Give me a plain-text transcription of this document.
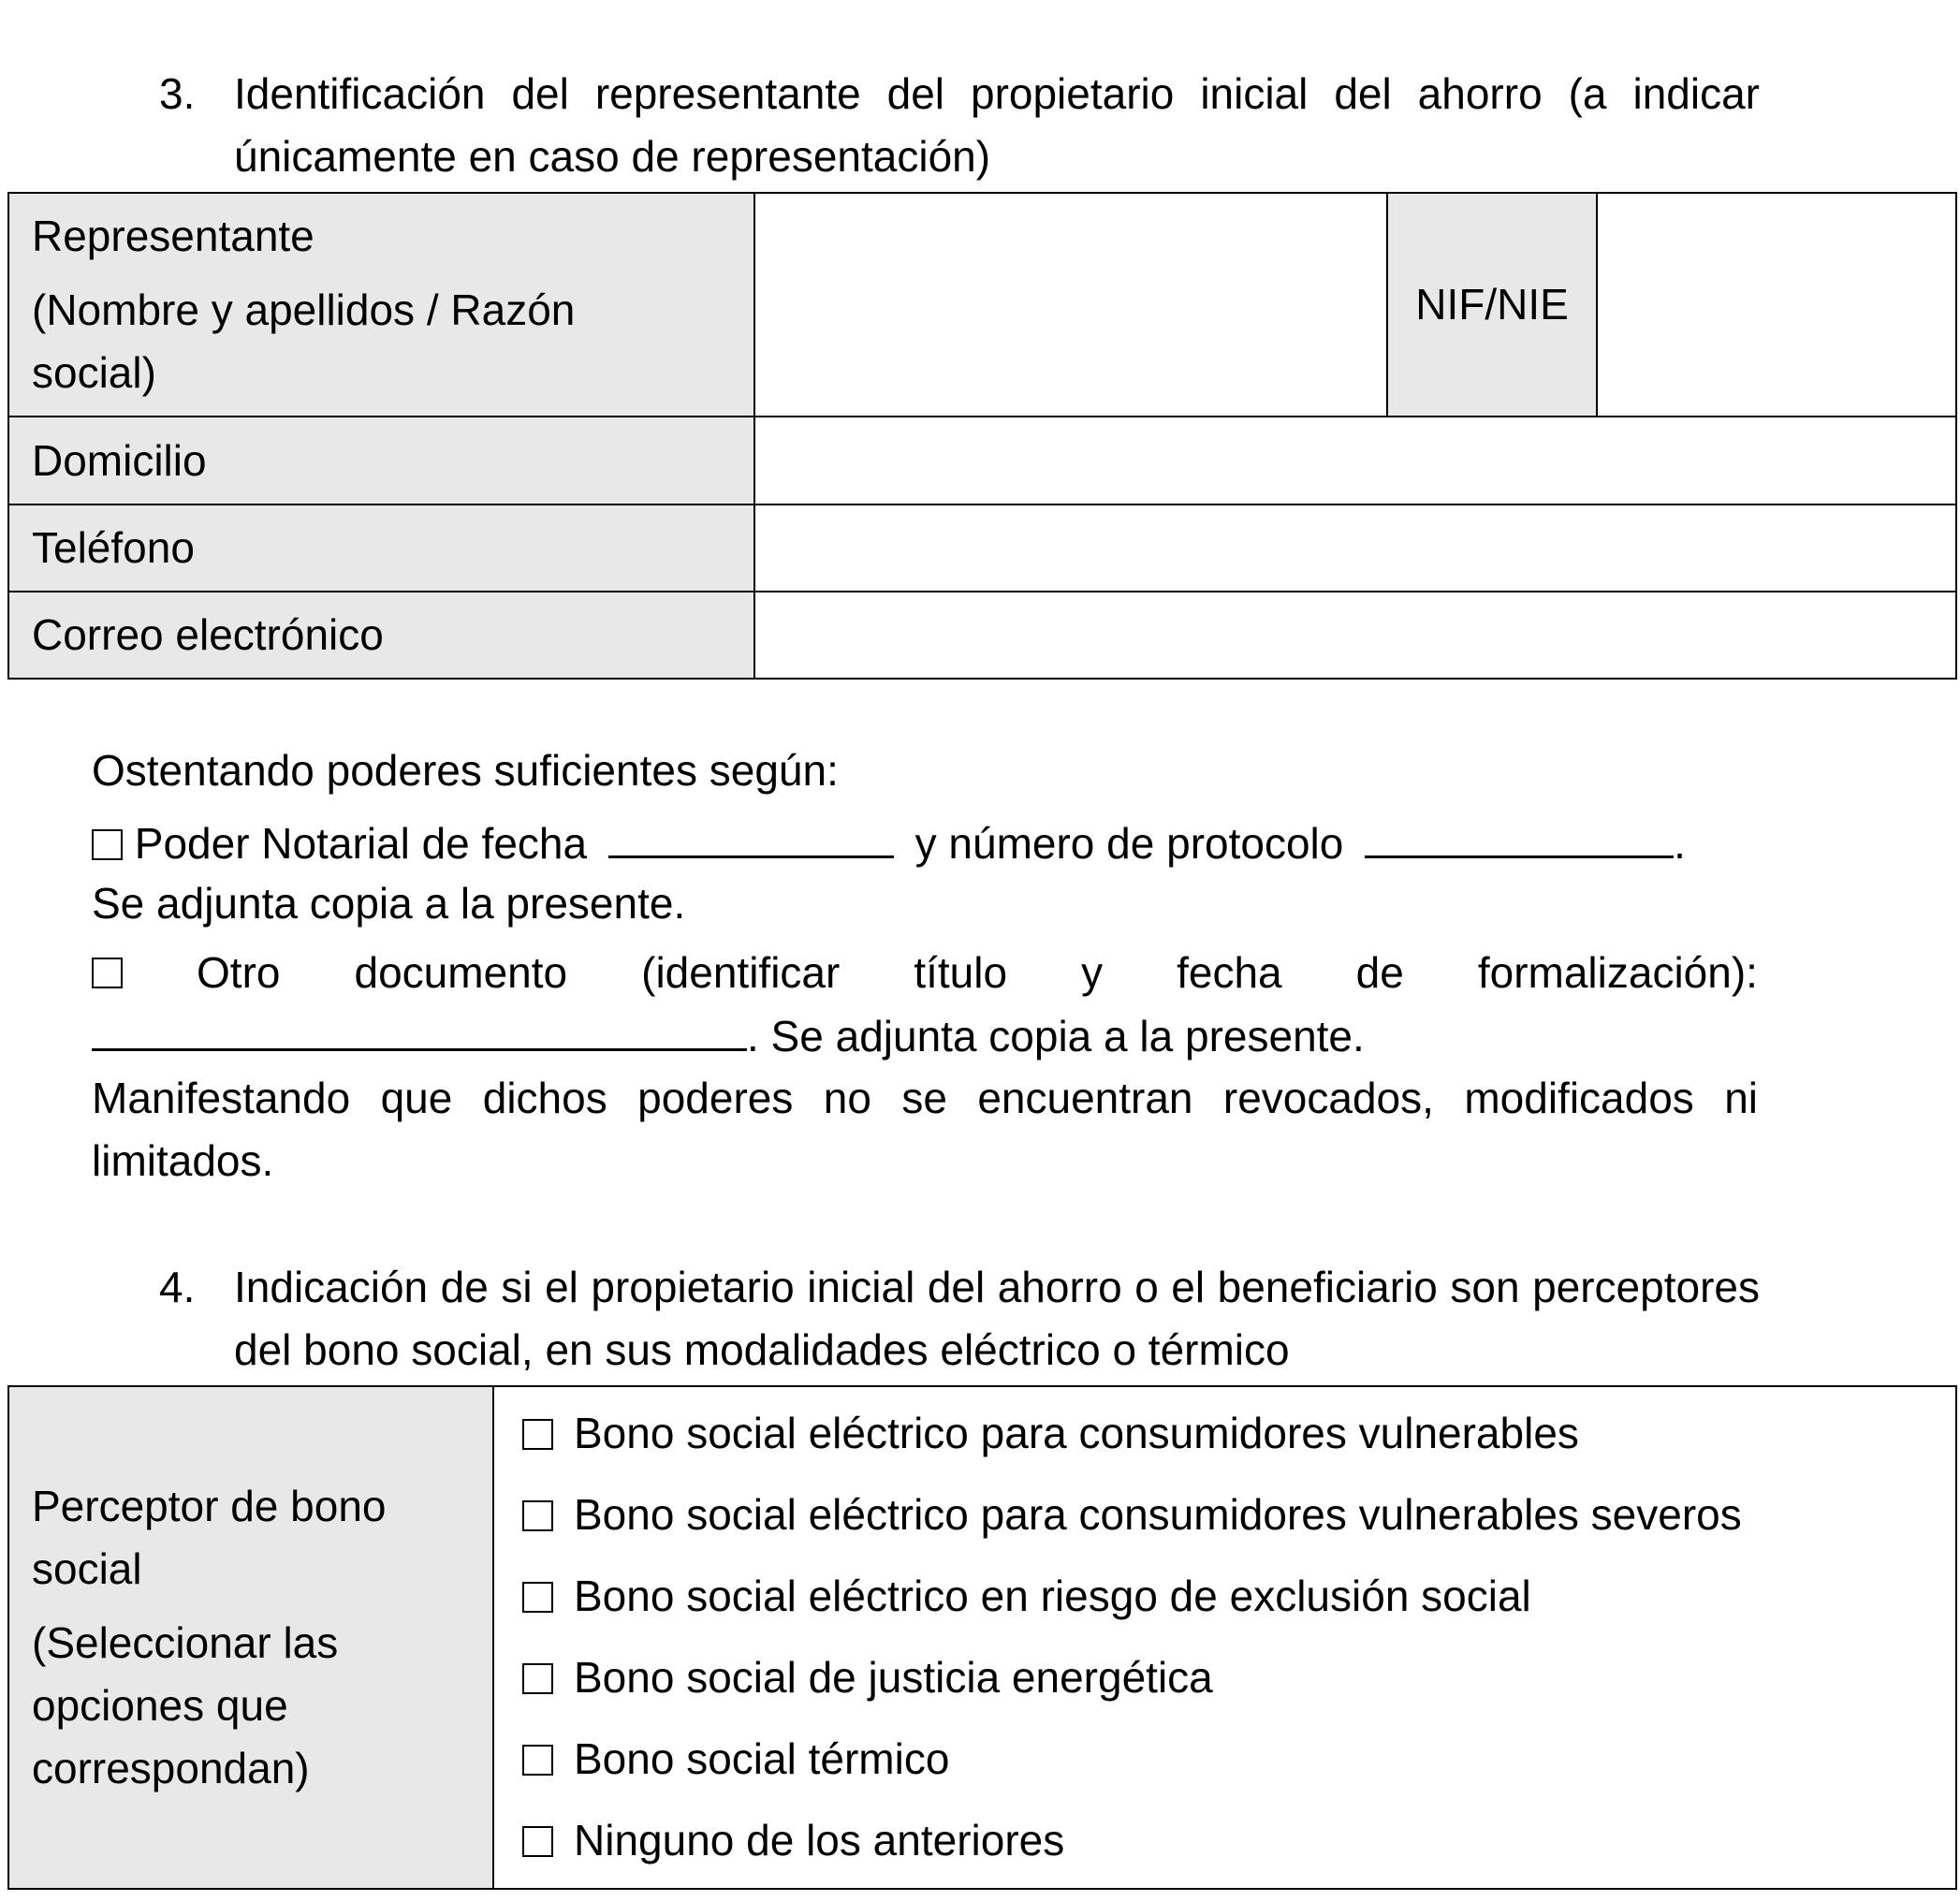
3. Identificación del representante del propietario inicial del ahorro (a indicar únicamente en caso de representación)
Representante
(Nombre y apellidos / Razón
social)		NIF/NIE	
Domicilio			
Teléfono			
Correo electrónico			
Ostentando poderes suficientes según:
Poder Notarial de fecha	y número de protocolo	.
Se adjunta copia a la presente.
Otro documento (identificar título y fecha de formalización):
. Se adjunta copia a la presente.
Manifestando que dichos poderes no se encuentran revocados, modificados ni limitados.
4. Indicación de si el propietario inicial del ahorro o el beneficiario son perceptores del bono social, en sus modalidades eléctrico o térmico
Perceptor de bono social
(Seleccionar las opciones que correspondan)

Bono social eléctrico para consumidores vulnerables
Bono social eléctrico para consumidores vulnerables severos
Bono social eléctrico en riesgo de exclusión social
Bono social de justicia energética
Bono social térmico
Ninguno de los anteriores
